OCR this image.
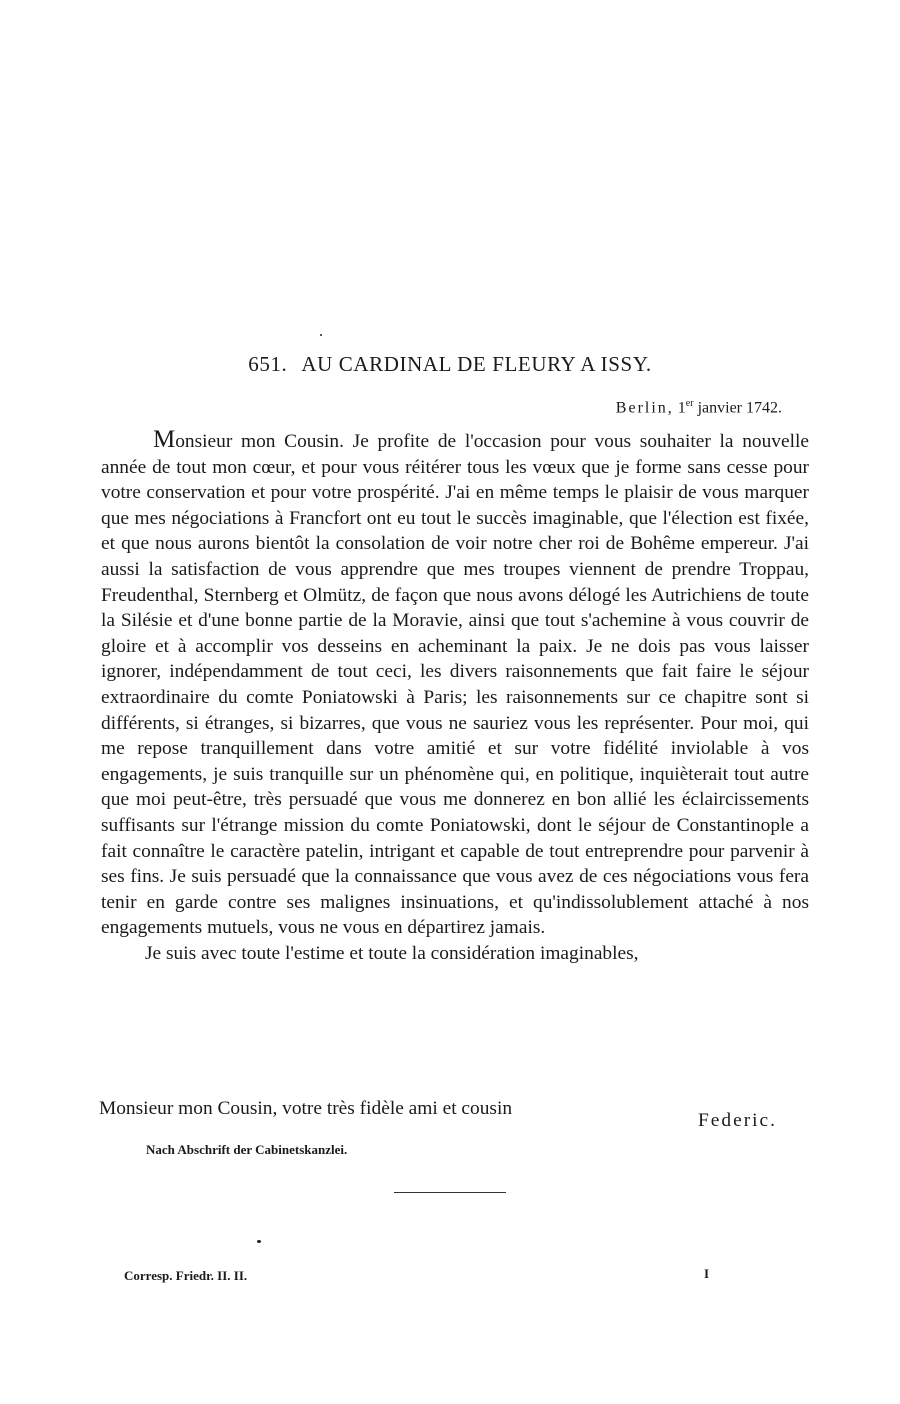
651. AU CARDINAL DE FLEURY A ISSY.
Berlin, 1er janvier 1742.

Monsieur mon Cousin. Je profite de l'occasion pour vous souhaiter la nouvelle année de tout mon cœur, et pour vous réitérer tous les vœux que je forme sans cesse pour votre conservation et pour votre prospérité. J'ai en même temps le plaisir de vous marquer que mes négociations à Francfort ont eu tout le succès imaginable, que l'élection est fixée, et que nous aurons bientôt la consolation de voir notre cher roi de Bohême empereur. J'ai aussi la satisfaction de vous apprendre que mes troupes viennent de prendre Troppau, Freudenthal, Sternberg et Olmütz, de façon que nous avons délogé les Autrichiens de toute la Silésie et d'une bonne partie de la Moravie, ainsi que tout s'achemine à vous couvrir de gloire et à accomplir vos desseins en acheminant la paix. Je ne dois pas vous laisser ignorer, indépendamment de tout ceci, les divers raisonnements que fait faire le séjour extraordinaire du comte Poniatowski à Paris; les raisonnements sur ce chapitre sont si différents, si étranges, si bizarres, que vous ne sauriez vous les représenter. Pour moi, qui me repose tranquillement dans votre amitié et sur votre fidélité inviolable à vos engagements, je suis tranquille sur un phénomène qui, en politique, inquièterait tout autre que moi peut-être, très persuadé que vous me donnerez en bon allié les éclaircissements suffisants sur l'étrange mission du comte Poniatowski, dont le séjour de Constantinople a fait connaître le caractère patelin, intrigant et capable de tout entreprendre pour parvenir à ses fins. Je suis persuadé que la connaissance que vous avez de ces négociations vous fera tenir en garde contre ses malignes insinuations, et qu'indissolublement attaché à nos engagements mutuels, vous ne vous en départirez jamais.

Je suis avec toute l'estime et toute la considération imaginables,

Monsieur mon Cousin, votre très fidèle ami et cousin
Federic.
Nach Abschrift der Cabinetskanzlei.
Corresp. Friedr. II. II.	I
